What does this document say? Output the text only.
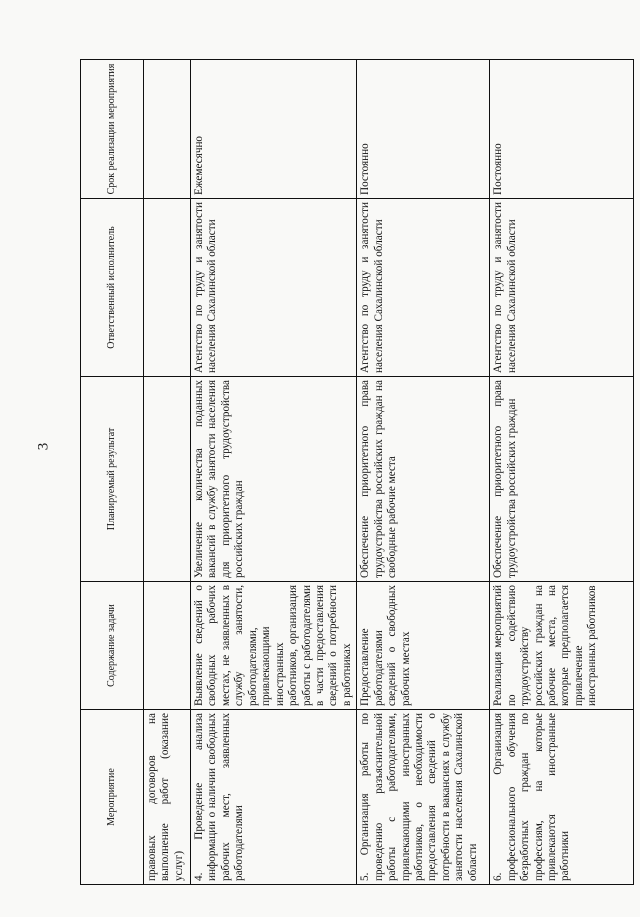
3
Мероприятие	Содержание задачи	Планируемый результат	Ответственный исполнитель	Срок реализации мероприятия
правовых договоров на выполнение работ (оказание услуг)				
4. Проведение анализа информации о наличии свободных рабочих мест, заявленных работодателями	Выявление сведений о свободных рабочих местах, не заявленных в службу занятости, работодателями, привлекающими иностранных работников, организация работы с работодателями в части предоставления сведений о потребности в работниках	Увеличение количества поданных вакансий в службу занятости населения для приоритетного трудоустройства российских граждан	Агентство по труду и занятости населения Сахалинской области	Ежемесячно
5. Организация работы по проведению разъяснительной работы с работодателями, привлекающими иностранных работников, о необходимости предоставления сведений о потребности в вакансиях в службу занятости населения Сахалинской области	Предоставление работодателями сведений о свободных рабочих местах	Обеспечение приоритетного права трудоустройства российских граждан на свободные рабочие места	Агентство по труду и занятости населения Сахалинской области	Постоянно
6. Организация профессионального обучения безработных граждан по профессиям, на которые привлекаются иностранные работники	Реализация мероприятий по содействию трудоустройству российских граждан на рабочие места, на которые предполагается привлечение иностранных работников	Обеспечение приоритетного права трудоустройства российских граждан	Агентство по труду и занятости населения Сахалинской области	Постоянно
